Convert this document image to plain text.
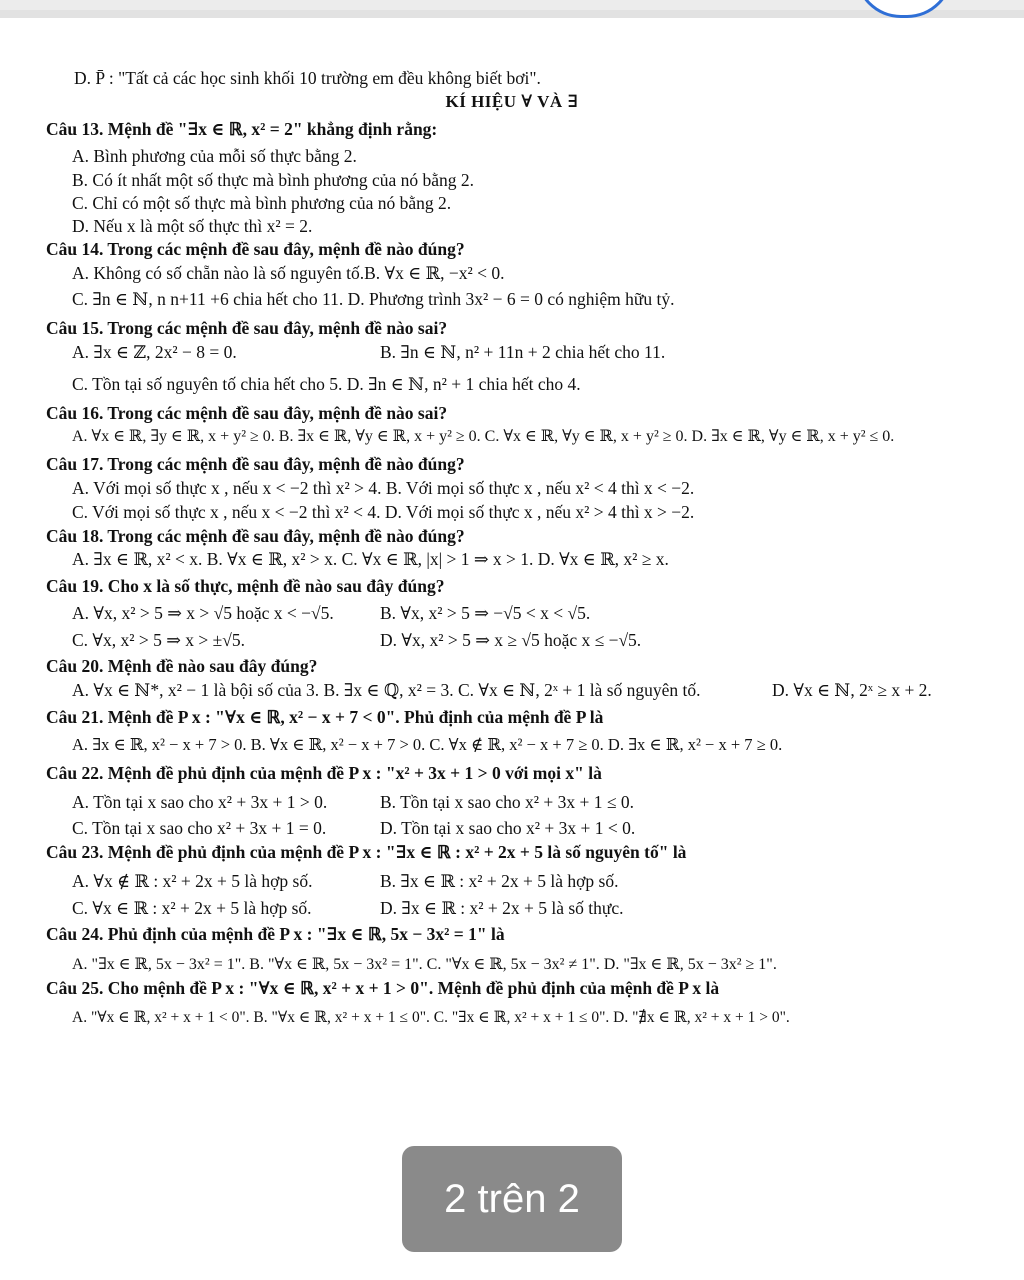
D. P̄ : "Tất cả các học sinh khối 10 trường em đều không biết bơi".
KÍ HIỆU ∀ VÀ ∃
Câu 13. Mệnh đề "∃x ∈ ℝ, x² = 2" khẳng định rằng:
A. Bình phương của mỗi số thực bằng 2.
B. Có ít nhất một số thực mà bình phương của nó bằng 2.
C. Chỉ có một số thực mà bình phương của nó bằng 2.
D. Nếu x là một số thực thì x² = 2.
Câu 14. Trong các mệnh đề sau đây, mệnh đề nào đúng?
A. Không có số chẵn nào là số nguyên tố.B. ∀x ∈ ℝ, −x² < 0.
C. ∃n ∈ ℕ, n n+11 +6 chia hết cho 11. D. Phương trình 3x² − 6 = 0 có nghiệm hữu tỷ.
Câu 15. Trong các mệnh đề sau đây, mệnh đề nào sai?
A. ∃x ∈ ℤ, 2x² − 8 = 0.	B. ∃n ∈ ℕ, n² + 11n + 2 chia hết cho 11.
C. Tồn tại số nguyên tố chia hết cho 5. D. ∃n ∈ ℕ, n² + 1 chia hết cho 4.
Câu 16. Trong các mệnh đề sau đây, mệnh đề nào sai?
A. ∀x ∈ ℝ, ∃y ∈ ℝ, x + y² ≥ 0. B. ∃x ∈ ℝ, ∀y ∈ ℝ, x + y² ≥ 0. C. ∀x ∈ ℝ, ∀y ∈ ℝ, x + y² ≥ 0. D. ∃x ∈ ℝ, ∀y ∈ ℝ, x + y² ≤ 0.
Câu 17. Trong các mệnh đề sau đây, mệnh đề nào đúng?
A. Với mọi số thực x , nếu x < −2 thì x² > 4. B. Với mọi số thực x , nếu x² < 4 thì x < −2.
C. Với mọi số thực x , nếu x < −2 thì x² < 4. D. Với mọi số thực x , nếu x² > 4 thì x > −2.
Câu 18. Trong các mệnh đề sau đây, mệnh đề nào đúng?
A. ∃x ∈ ℝ, x² < x. B. ∀x ∈ ℝ, x² > x. C. ∀x ∈ ℝ, |x| > 1 ⇒ x > 1. D. ∀x ∈ ℝ, x² ≥ x.
Câu 19. Cho x là số thực, mệnh đề nào sau đây đúng?
A. ∀x, x² > 5 ⇒ x > √5 hoặc x < −√5.	B. ∀x, x² > 5 ⇒ −√5 < x < √5.
C. ∀x, x² > 5 ⇒ x > ±√5.	D. ∀x, x² > 5 ⇒ x ≥ √5 hoặc x ≤ −√5.
Câu 20. Mệnh đề nào sau đây đúng?
A. ∀x ∈ ℕ*, x² − 1 là bội số của 3. B. ∃x ∈ ℚ, x² = 3. C. ∀x ∈ ℕ, 2ˣ + 1 là số nguyên tố.	D. ∀x ∈ ℕ, 2ˣ ≥ x + 2.
Câu 21. Mệnh đề P x : "∀x ∈ ℝ, x² − x + 7 < 0". Phủ định của mệnh đề P là
A. ∃x ∈ ℝ, x² − x + 7 > 0. B. ∀x ∈ ℝ, x² − x + 7 > 0. C. ∀x ∉ ℝ, x² − x + 7 ≥ 0. D. ∃x ∈ ℝ, x² − x + 7 ≥ 0.
Câu 22. Mệnh đề phủ định của mệnh đề P x : "x² + 3x + 1 > 0 với mọi x" là
A. Tồn tại x sao cho x² + 3x + 1 > 0.	B. Tồn tại x sao cho x² + 3x + 1 ≤ 0.
C. Tồn tại x sao cho x² + 3x + 1 = 0.	D. Tồn tại x sao cho x² + 3x + 1 < 0.
Câu 23. Mệnh đề phủ định của mệnh đề P x : "∃x ∈ ℝ : x² + 2x + 5 là số nguyên tố" là
A. ∀x ∉ ℝ : x² + 2x + 5 là hợp số.	B. ∃x ∈ ℝ : x² + 2x + 5 là hợp số.
C. ∀x ∈ ℝ : x² + 2x + 5 là hợp số.	D. ∃x ∈ ℝ : x² + 2x + 5 là số thực.
Câu 24. Phủ định của mệnh đề P x : "∃x ∈ ℝ, 5x − 3x² = 1" là
A. "∃x ∈ ℝ, 5x − 3x² = 1". B. "∀x ∈ ℝ, 5x − 3x² = 1". C. "∀x ∈ ℝ, 5x − 3x² ≠ 1". D. "∃x ∈ ℝ, 5x − 3x² ≥ 1".
Câu 25. Cho mệnh đề P x : "∀x ∈ ℝ, x² + x + 1 > 0". Mệnh đề phủ định của mệnh đề P x là
A. "∀x ∈ ℝ, x² + x + 1 < 0". B. "∀x ∈ ℝ, x² + x + 1 ≤ 0". C. "∃x ∈ ℝ, x² + x + 1 ≤ 0". D. "∄x ∈ ℝ, x² + x + 1 > 0".
2 trên 2
